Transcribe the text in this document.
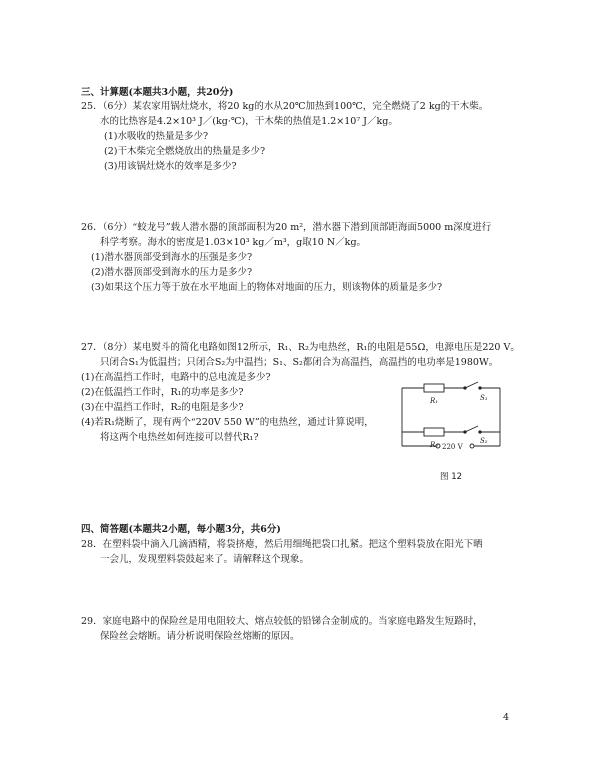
三、计算题(本题共3小题，共20分)
25．（6分）某农家用锅灶烧水，将20 kg的水从20℃加热到100℃，完全燃烧了2 kg的干木柴。
水的比热容是4.2×10³ J／(kg·℃)，干木柴的热值是1.2×10⁷ J／kg。
(1)水吸收的热量是多少?
(2)干木柴完全燃烧放出的热量是多少?
(3)用该锅灶烧水的效率是多少?
26．（6分）“蛟龙号”载人潜水器的顶部面积为20 m²，潜水器下潜到顶部距海面5000 m深度进行
科学考察。海水的密度是1.03×10³ kg／m³，g取10 N／kg。
(1)潜水器顶部受到海水的压强是多少?
(2)潜水器顶部受到海水的压力是多少?
(3)如果这个压力等于放在水平地面上的物体对地面的压力，则该物体的质量是多少?
27．（8分）某电熨斗的简化电路如图12所示，R₁、R₂为电热丝，R₁的电阻是55Ω，电源电压是220 V。
只闭合S₁为低温挡；只闭合S₂为中温挡；S₁、S₂都闭合为高温挡，高温挡的电功率是1980W。
(1)在高温挡工作时，电路中的总电流是多少?
(2)在低温挡工作时，R₁的功率是多少?
(3)在中温挡工作时，R₂的电阻是多少?
(4)若R₁烧断了，现有两个“220V 550 W”的电热丝，通过计算说明，
将这两个电热丝如何连接可以替代R₁?
R₁	S₁
R₂	S₂
220 V
图 12
四、简答题(本题共2小题，每小题3分，共6分)
28．在塑料袋中滴入几滴酒精，将袋挤瘪，然后用细绳把袋口扎紧。把这个塑料袋放在阳光下晒
一会儿，发现塑料袋鼓起来了。请解释这个现象。
29．家庭电路中的保险丝是用电阻较大、熔点较低的铅锑合金制成的。当家庭电路发生短路时，
保险丝会熔断。请分析说明保险丝熔断的原因。
4
